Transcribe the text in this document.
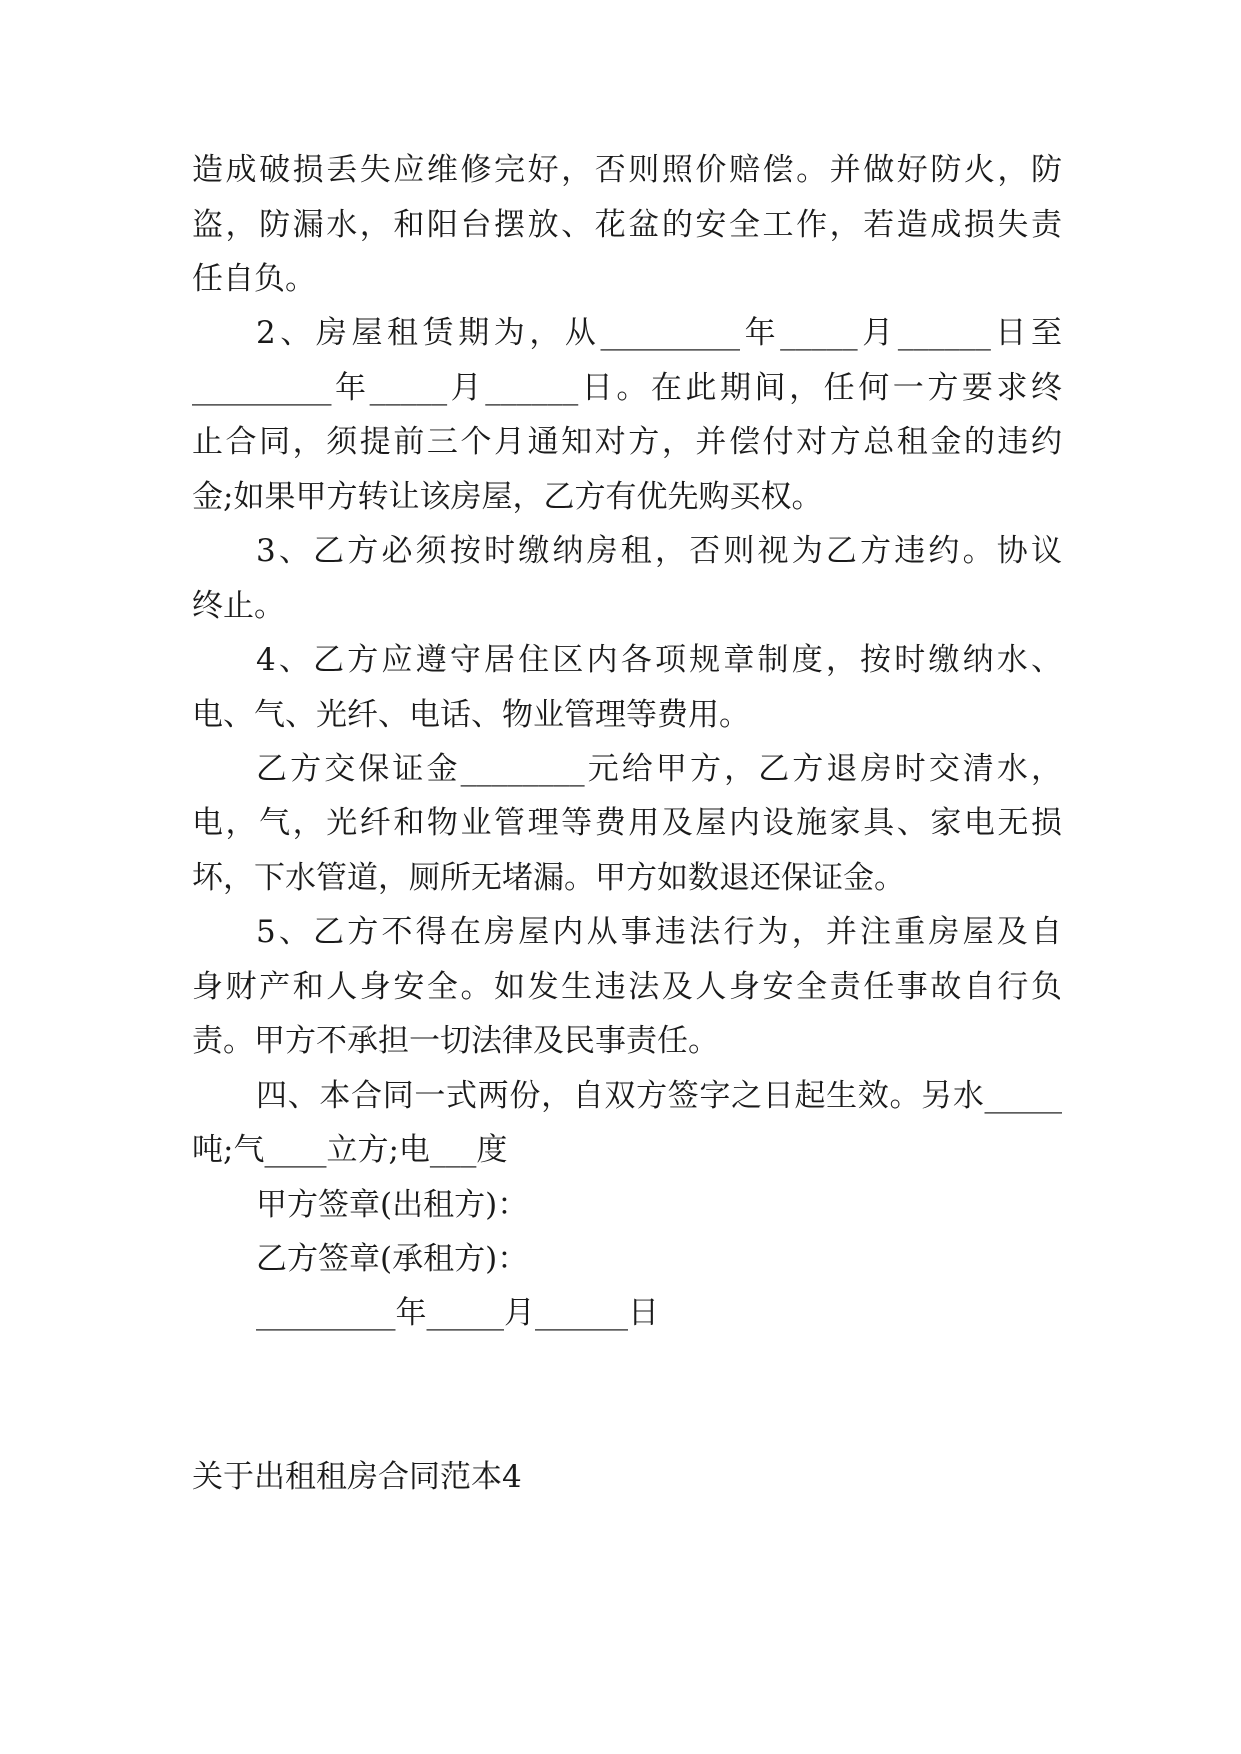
造成破损丢失应维修完好，否则照价赔偿。并做好防火，防
盗，防漏水，和阳台摆放、花盆的安全工作，若造成损失责
任自负。
2、房屋租赁期为，从_________年_____月______日至
_________年_____月______日。在此期间，任何一方要求终
止合同，须提前三个月通知对方，并偿付对方总租金的违约
金;如果甲方转让该房屋，乙方有优先购买权。
3、乙方必须按时缴纳房租，否则视为乙方违约。协议
终止。
4、乙方应遵守居住区内各项规章制度，按时缴纳水、
电、气、光纤、电话、物业管理等费用。
乙方交保证金________元给甲方，乙方退房时交清水，
电，气，光纤和物业管理等费用及屋内设施家具、家电无损
坏，下水管道，厕所无堵漏。甲方如数退还保证金。
5、乙方不得在房屋内从事违法行为，并注重房屋及自
身财产和人身安全。如发生违法及人身安全责任事故自行负
责。甲方不承担一切法律及民事责任。
四、本合同一式两份，自双方签字之日起生效。另水_____
吨;气____立方;电___度
甲方签章(出租方)：
乙方签章(承租方)：
_________年_____月______日
关于出租租房合同范本4
